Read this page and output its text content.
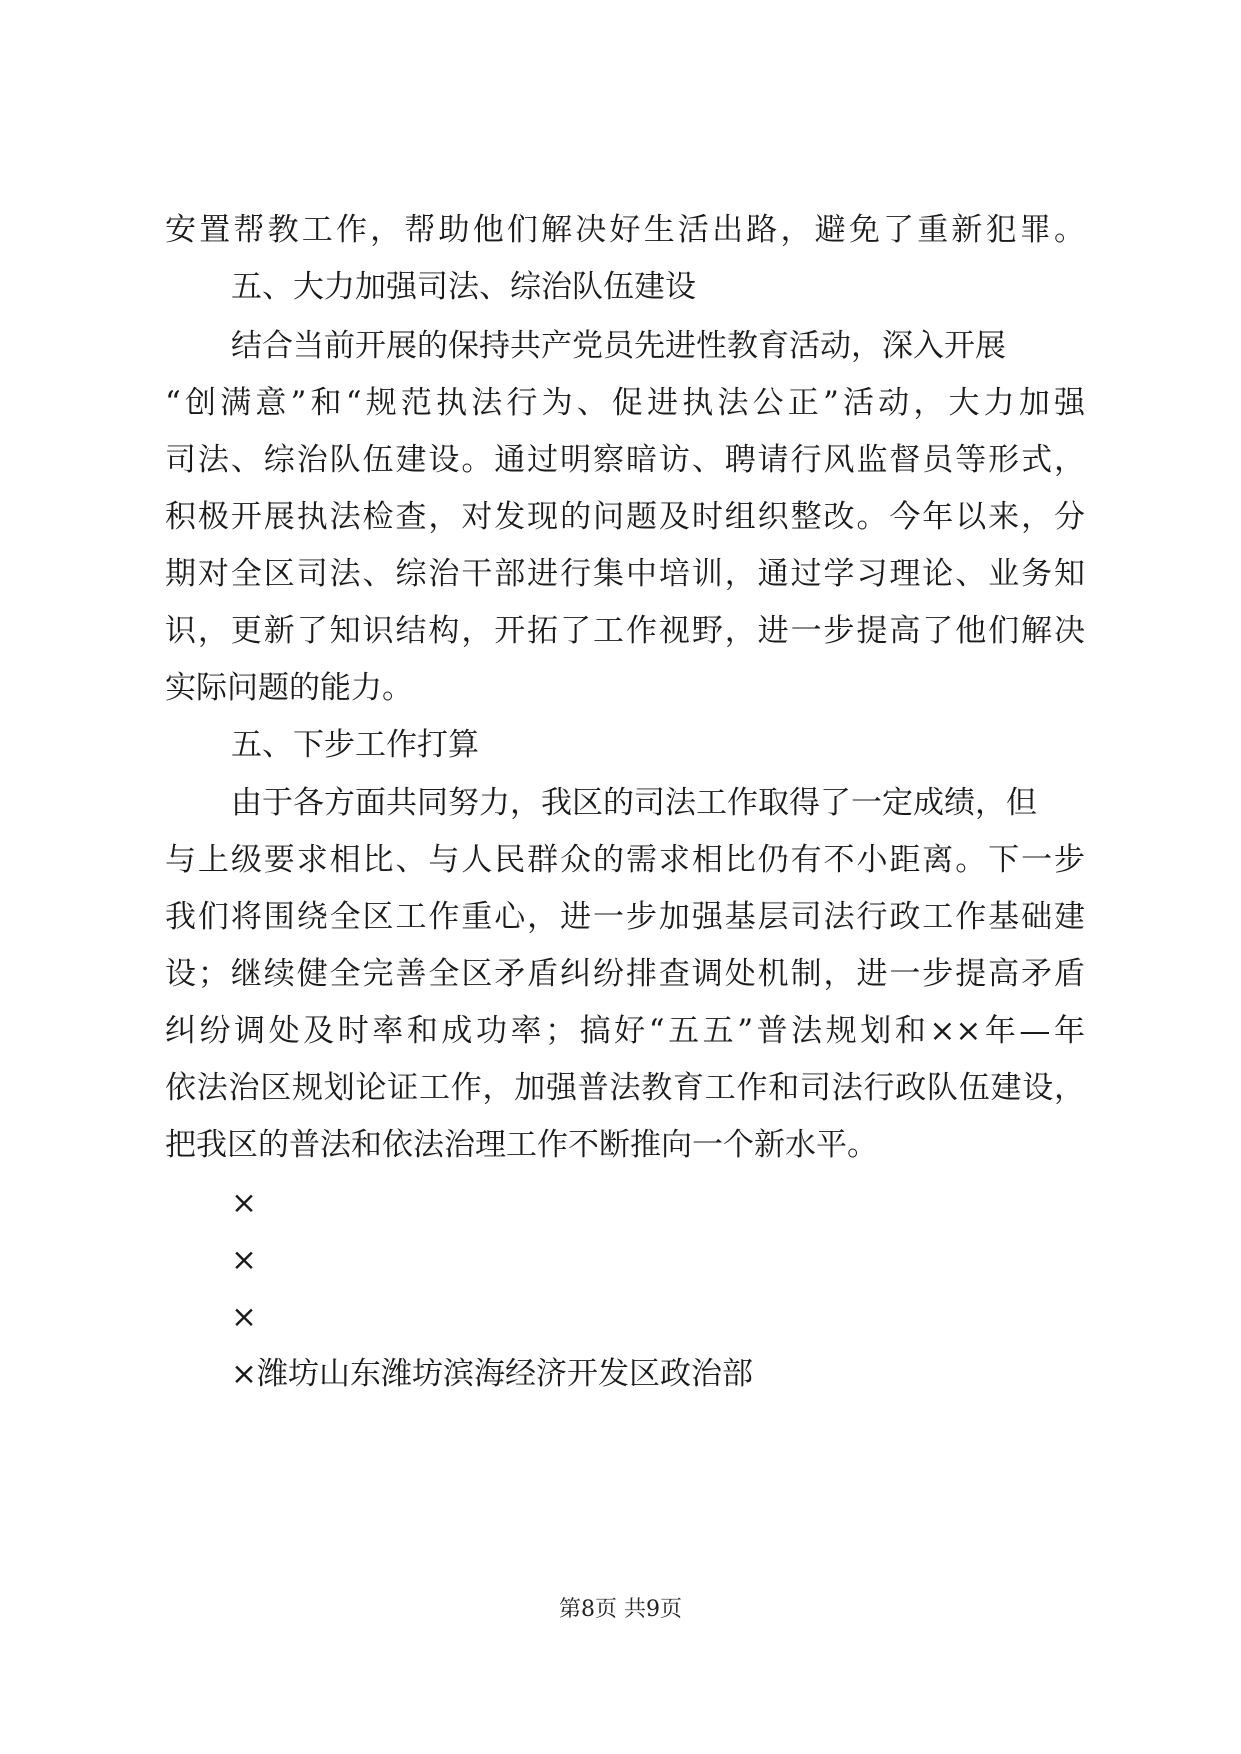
安置帮教工作，帮助他们解决好生活出路，避免了重新犯罪。
五、大力加强司法、综治队伍建设
结合当前开展的保持共产党员先进性教育活动，深入开展
“创满意”和“规范执法行为、促进执法公正”活动，大力加强
司法、综治队伍建设。通过明察暗访、聘请行风监督员等形式，
积极开展执法检查，对发现的问题及时组织整改。今年以来，分
期对全区司法、综治干部进行集中培训，通过学习理论、业务知
识，更新了知识结构，开拓了工作视野，进一步提高了他们解决
实际问题的能力。
五、下步工作打算
由于各方面共同努力，我区的司法工作取得了一定成绩，但
与上级要求相比、与人民群众的需求相比仍有不小距离。下一步
我们将围绕全区工作重心，进一步加强基层司法行政工作基础建
设；继续健全完善全区矛盾纠纷排查调处机制，进一步提高矛盾
纠纷调处及时率和成功率；搞好“五五”普法规划和××年—年
依法治区规划论证工作，加强普法教育工作和司法行政队伍建设，
把我区的普法和依法治理工作不断推向一个新水平。
×
×
×
×潍坊山东潍坊滨海经济开发区政治部
第8页 共9页
